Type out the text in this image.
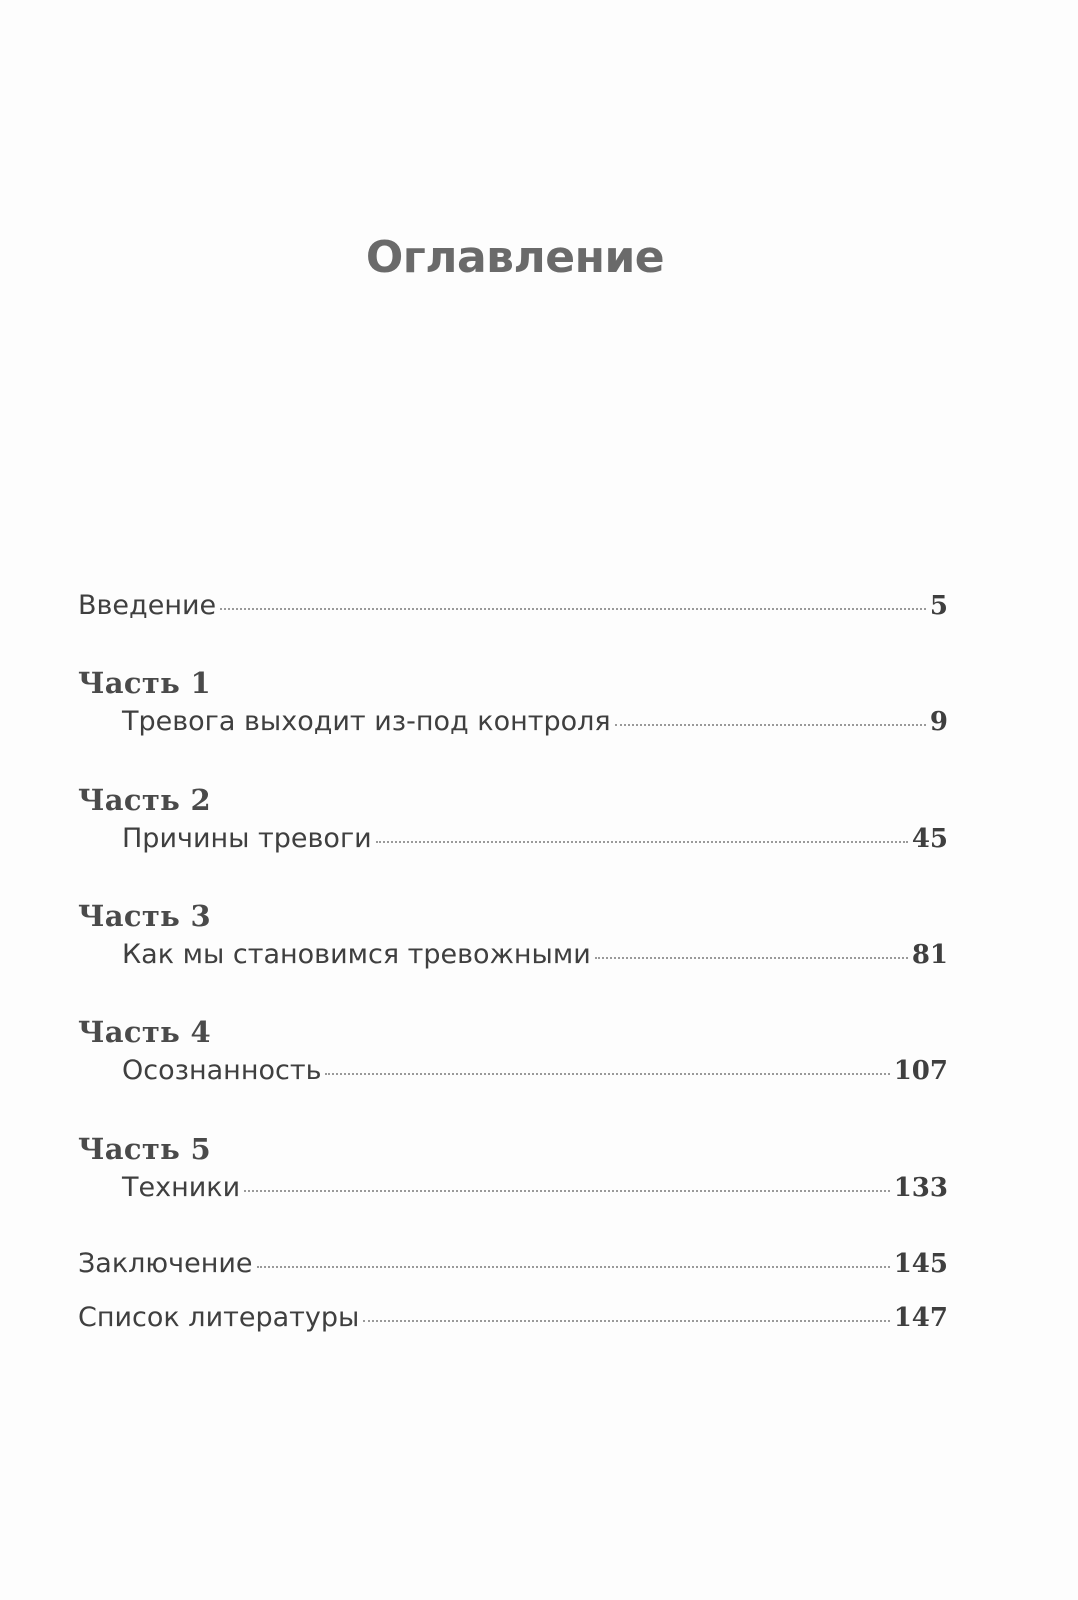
Оглавление
Введение	5
Часть 1
Тревога выходит из-под контроля	9
Часть 2
Причины тревоги	45
Часть 3
Как мы становимся тревожными	81
Часть 4
Осознанность	107
Часть 5
Техники	133
Заключение	145
Список литературы	147
